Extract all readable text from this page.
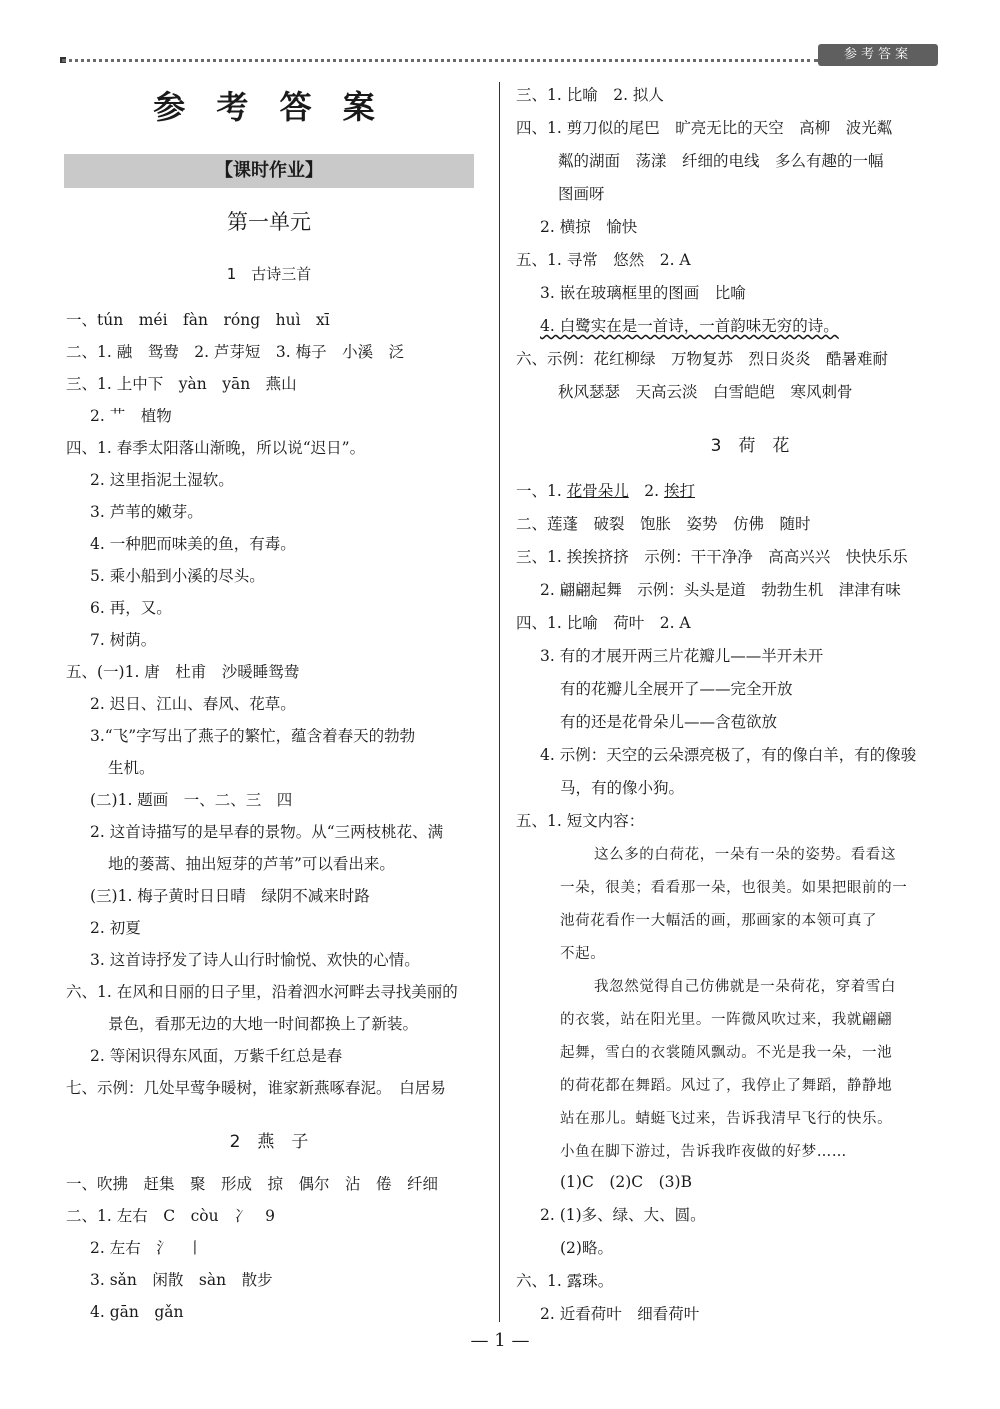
参考答案
参 考 答 案
【课时作业】
第一单元
1　古诗三首
一、tún　méi　fàn　róng　huì　xī
二、1. 融　鸳鸯　2. 芦芽短　3. 梅子　小溪　泛
三、1. 上中下　yàn　yān　燕山
2. 艹　植物
四、1. 春季太阳落山渐晚，所以说“迟日”。
2. 这里指泥土湿软。
3. 芦苇的嫩芽。
4. 一种肥而味美的鱼，有毒。
5. 乘小船到小溪的尽头。
6. 再，又。
7. 树荫。
五、(一)1. 唐　杜甫　沙暖睡鸳鸯
2. 迟日、江山、春风、花草。
3.“飞”字写出了燕子的繁忙，蕴含着春天的勃勃
生机。
(二)1. 题画　一、二、三　四
2. 这首诗描写的是早春的景物。从“三两枝桃花、满
地的蒌蒿、抽出短芽的芦苇”可以看出来。
(三)1. 梅子黄时日日晴　绿阴不减来时路
2. 初夏
3. 这首诗抒发了诗人山行时愉悦、欢快的心情。
六、1. 在风和日丽的日子里，沿着泗水河畔去寻找美丽的
景色，看那无边的大地一时间都换上了新装。
2. 等闲识得东风面，万紫千红总是春
七、示例：几处早莺争暖树，谁家新燕啄春泥。　白居易
2　燕　子
一、吹拂　赶集　聚　形成　掠　偶尔　沾　倦　纤细
二、1. 左右　C　còu　冫　9
2. 左右　氵　丨
3. sǎn　闲散　sàn　散步
4. gān　gǎn
三、1. 比喻　2. 拟人
四、1. 剪刀似的尾巴　旷亮无比的天空　高柳　波光粼
粼的湖面　荡漾　纤细的电线　多么有趣的一幅
图画呀
2. 横掠　愉快
五、1. 寻常　悠然　2. A
3. 嵌在玻璃框里的图画　比喻
4. 白鹭实在是一首诗，一首韵味无穷的诗。
六、示例：花红柳绿　万物复苏　烈日炎炎　酷暑难耐
秋风瑟瑟　天高云淡　白雪皑皑　寒风刺骨
3　荷　花
一、1. 花骨朵儿　2. 挨打
二、莲蓬　破裂　饱胀　姿势　仿佛　随时
三、1. 挨挨挤挤　示例：干干净净　高高兴兴　快快乐乐
2. 翩翩起舞　示例：头头是道　勃勃生机　津津有味
四、1. 比喻　荷叶　2. A
3. 有的才展开两三片花瓣儿——半开未开
有的花瓣儿全展开了——完全开放
有的还是花骨朵儿——含苞欲放
4. 示例：天空的云朵漂亮极了，有的像白羊，有的像骏
马，有的像小狗。
五、1. 短文内容：
这么多的白荷花，一朵有一朵的姿势。看看这
一朵，很美；看看那一朵，也很美。如果把眼前的一
池荷花看作一大幅活的画，那画家的本领可真了
不起。
我忽然觉得自己仿佛就是一朵荷花，穿着雪白
的衣裳，站在阳光里。一阵微风吹过来，我就翩翩
起舞，雪白的衣裳随风飘动。不光是我一朵，一池
的荷花都在舞蹈。风过了，我停止了舞蹈，静静地
站在那儿。蜻蜓飞过来，告诉我清早飞行的快乐。
小鱼在脚下游过，告诉我昨夜做的好梦……
(1)C　(2)C　(3)B
2. (1)多、绿、大、圆。
(2)略。
六、1. 露珠。
2. 近看荷叶　细看荷叶
— 1 —
